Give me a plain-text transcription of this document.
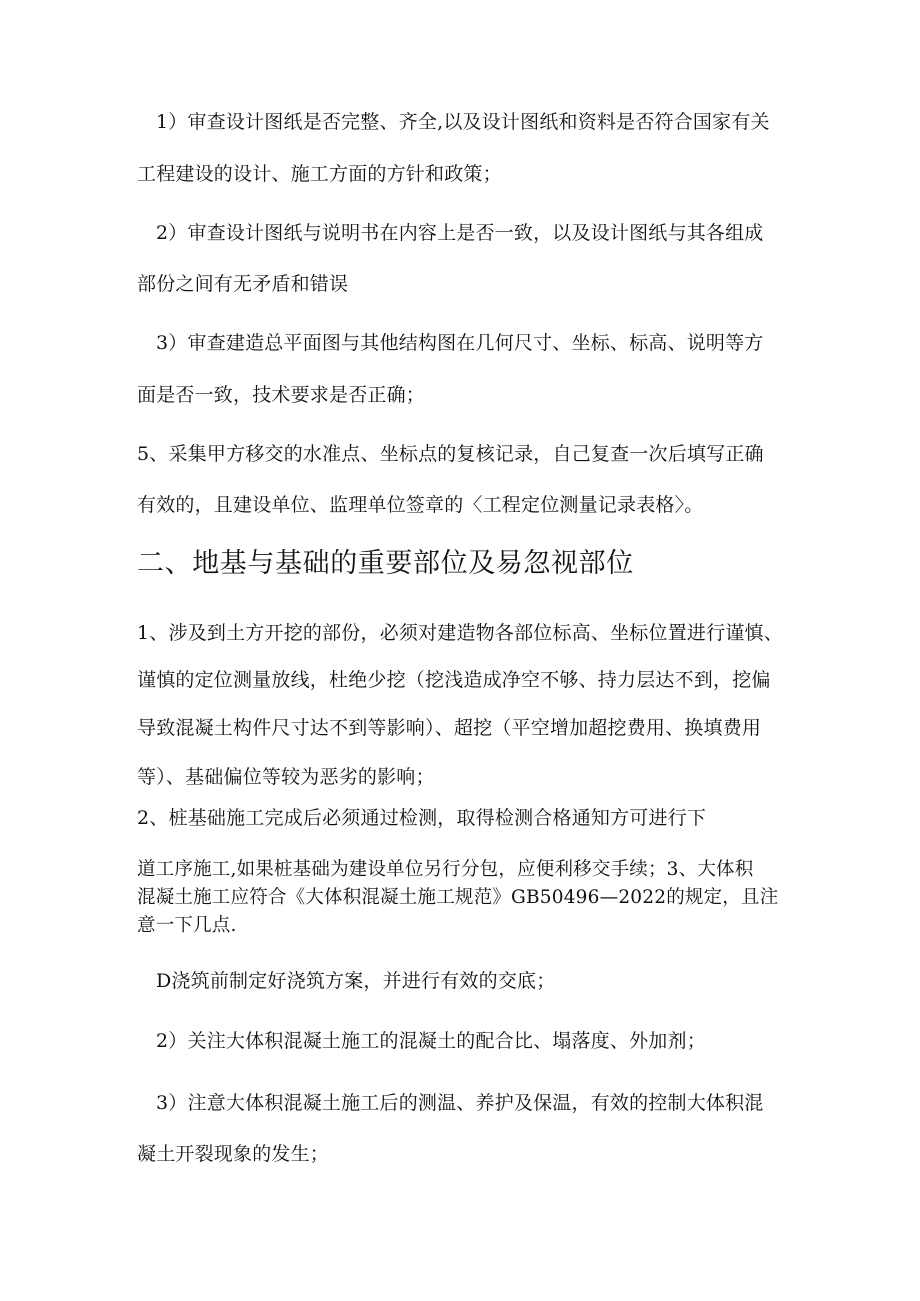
1）审查设计图纸是否完整、齐全,以及设计图纸和资料是否符合国家有关
工程建设的设计、施工方面的方针和政策；
2）审查设计图纸与说明书在内容上是否一致，以及设计图纸与其各组成
部份之间有无矛盾和错误
3）审查建造总平面图与其他结构图在几何尺寸、坐标、标高、说明等方
面是否一致，技术要求是否正确；
5、采集甲方移交的水准点、坐标点的复核记录，自己复查一次后填写正确
有效的，且建设单位、监理单位签章的〈工程定位测量记录表格〉。
二、地基与基础的重要部位及易忽视部位
1、涉及到土方开挖的部份，必须对建造物各部位标高、坐标位置进行谨慎、
谨慎的定位测量放线，杜绝少挖（挖浅造成净空不够、持力层达不到，挖偏
导致混凝土构件尺寸达不到等影响）、超挖（平空增加超挖费用、换填费用
等）、基础偏位等较为恶劣的影响；
2、桩基础施工完成后必须通过检测，取得检测合格通知方可进行下
道工序施工,如果桩基础为建设单位另行分包，应便利移交手续；3、大体积
混凝土施工应符合《大体积混凝土施工规范》GB50496—2022的规定，且注
意一下几点.
D浇筑前制定好浇筑方案，并进行有效的交底；
2）关注大体积混凝土施工的混凝土的配合比、塌落度、外加剂；
3）注意大体积混凝土施工后的测温、养护及保温，有效的控制大体积混
凝土开裂现象的发生；
